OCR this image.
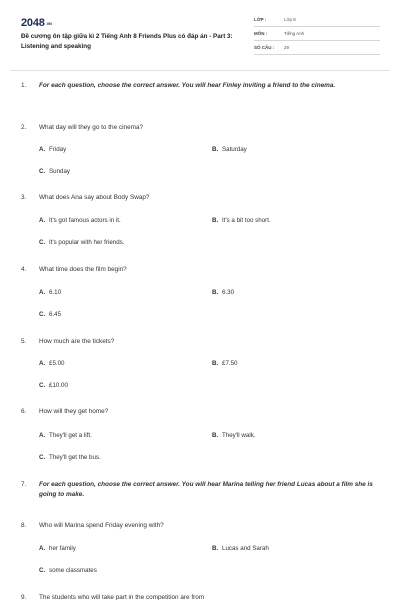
2048.VN
Đề cương ôn tập giữa kì 2 Tiếng Anh 8 Friends Plus có đáp án - Part 3: Listening and speaking
LỚP :	Lớp 8
MÔN :	Tiếng Anh
SỐ CÂU : 29
1.	For each question, choose the correct answer. You will hear Finley inviting a friend to the cinema.
2.	What day will they go to the cinema?
A. Friday	B. Saturday
C. Sunday
3.	What does Ana say about Body Swap?
A. It's got famous actors in it.	B. It's a bit too short.
C. It's popular with her friends.
4.	What time does the film begin?
A. 6.10	B. 6.30
C. 6.45
5.	How much are the tickets?
A. £5.00	B. £7.50
C. £10.00
6.	How will they get home?
A. They'll get a lift.	B. They'll walk.
C. They'll get the bus.
7.	For each question, choose the correct answer. You will hear Marina telling her friend Lucas about a film she is going to make.
8.	Who will Marina spend Friday evening with?
A. her family	B. Lucas and Sarah
C. some classmates
9.	The students who will take part in the competition are from
